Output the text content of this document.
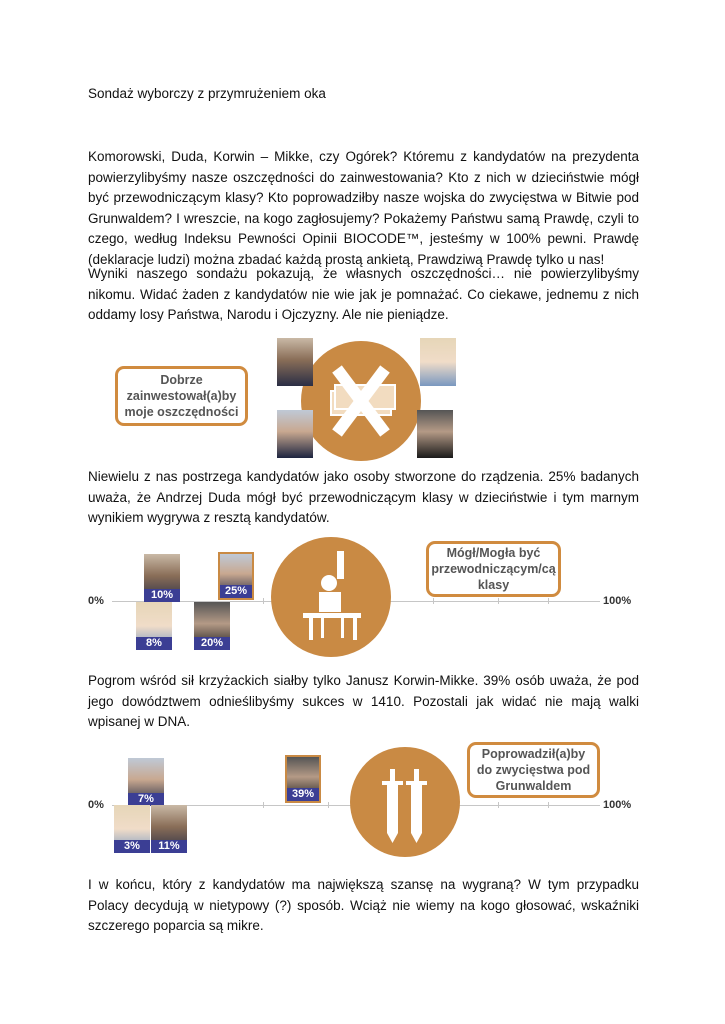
Sondaż wyborczy z przymrużeniem oka

Komorowski, Duda, Korwin – Mikke, czy Ogórek? Któremu z kandydatów na prezydenta powierzylibyśmy nasze oszczędności do zainwestowania? Kto z nich w dzieciństwie mógł być przewodniczącym klasy? Kto poprowadziłby nasze wojska do zwycięstwa w Bitwie pod Grunwaldem? I wreszcie, na kogo zagłosujemy? Pokażemy Państwu samą Prawdę, czyli to czego, według Indeksu Pewności Opinii BIOCODE™, jesteśmy w 100% pewni. Prawdę (deklaracje ludzi) można zbadać każdą prostą ankietą, Prawdziwą Prawdę tylko u nas!

Wyniki naszego sondażu pokazują, że własnych oszczędności… nie powierzylibyśmy nikomu. Widać żaden z kandydatów nie wie jak je pomnażać. Co ciekawe, jednemu z nich oddamy losy Państwa, Narodu i Ojczyzny. Ale nie pieniądze.

Dobrze zainwestował(a)by moje oszczędności

Niewielu z nas postrzega kandydatów jako osoby stworzone do rządzenia. 25% badanych uważa, że Andrzej Duda mógł być przewodniczącym klasy w dzieciństwie i tym marnym wynikiem wygrywa z resztą kandydatów.

0%	100%
Mógł/Mogła być przewodniczącym/cą klasy
10%	25%
8%	20%

Pogrom wśród sił krzyżackich siałby tylko Janusz Korwin-Mikke. 39% osób uważa, że pod jego dowództwem odnieślibyśmy sukces w 1410. Pozostali jak widać nie mają walki wpisanej w DNA.

0%	100%
Poprowadził(a)by do zwycięstwa pod Grunwaldem
7%	39%
3%	11%

I w końcu, który z kandydatów ma największą szansę na wygraną? W tym przypadku Polacy decydują w nietypowy (?) sposób. Wciąż nie wiemy na kogo głosować, wskaźniki szczerego poparcia są mikre.
